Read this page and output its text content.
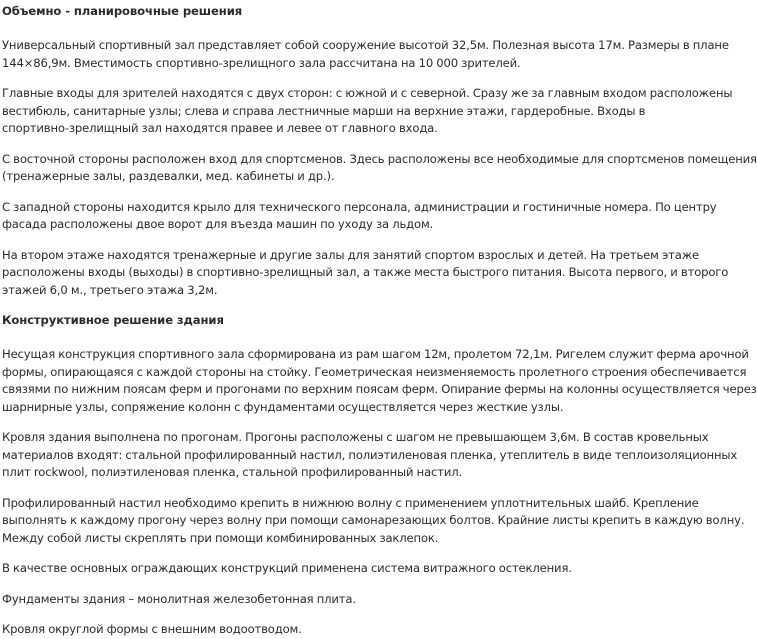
Объемно - планировочные решения
Универсальный спортивный зал представляет собой сооружение высотой 32,5м. Полезная высота 17м. Размеры в плане
144×86,9м. Вместимость спортивно-зрелищного зала рассчитана на 10 000 зрителей.
Главные входы для зрителей находятся с двух сторон: с южной и с северной. Сразу же за главным входом расположены
вестибюль, санитарные узлы; слева и справа лестничные марши на верхние этажи, гардеробные. Входы в
спортивно-зрелищный зал находятся правее и левее от главного входа.
С восточной стороны расположен вход для спортсменов. Здесь расположены все необходимые для спортсменов помещения
(тренажерные залы, раздевалки, мед. кабинеты и др.).
С западной стороны находится крыло для технического персонала, администрации и гостиничные номера. По центру
фасада расположены двое ворот для въезда машин по уходу за льдом.
На втором этаже находятся тренажерные и другие залы для занятий спортом взрослых и детей. На третьем этаже
расположены входы (выходы) в спортивно-зрелищный зал, а также места быстрого питания. Высота первого, и второго
этажей 6,0 м., третьего этажа 3,2м.
Конструктивное решение здания
Несущая конструкция спортивного зала сформирована из рам шагом 12м, пролетом 72,1м. Ригелем служит ферма арочной
формы, опирающаяся с каждой стороны на стойку. Геометрическая неизменяемость пролетного строения обеспечивается
связями по нижним поясам ферм и прогонами по верхним поясам ферм. Опирание фермы на колонны осуществляется через
шарнирные узлы, сопряжение колонн с фундаментами осуществляется через жесткие узлы.
Кровля здания выполнена по прогонам. Прогоны расположены с шагом не превышающем 3,6м. В состав кровельных
материалов входят: стальной профилированный настил, полиэтиленовая пленка, утеплитель в виде теплоизоляционных
плит rockwool, полиэтиленовая пленка, стальной профилированный настил.
Профилированный настил необходимо крепить в нижнюю волну с применением уплотнительных шайб. Крепление
выполнять к каждому прогону через волну при помощи самонарезающих болтов. Крайние листы крепить в каждую волну.
Между собой листы скреплять при помощи комбинированных заклепок.
В качестве основных ограждающих конструкций применена система витражного остекления.
Фундаменты здания – монолитная железобетонная плита.
Кровля округлой формы с внешним водоотводом.
